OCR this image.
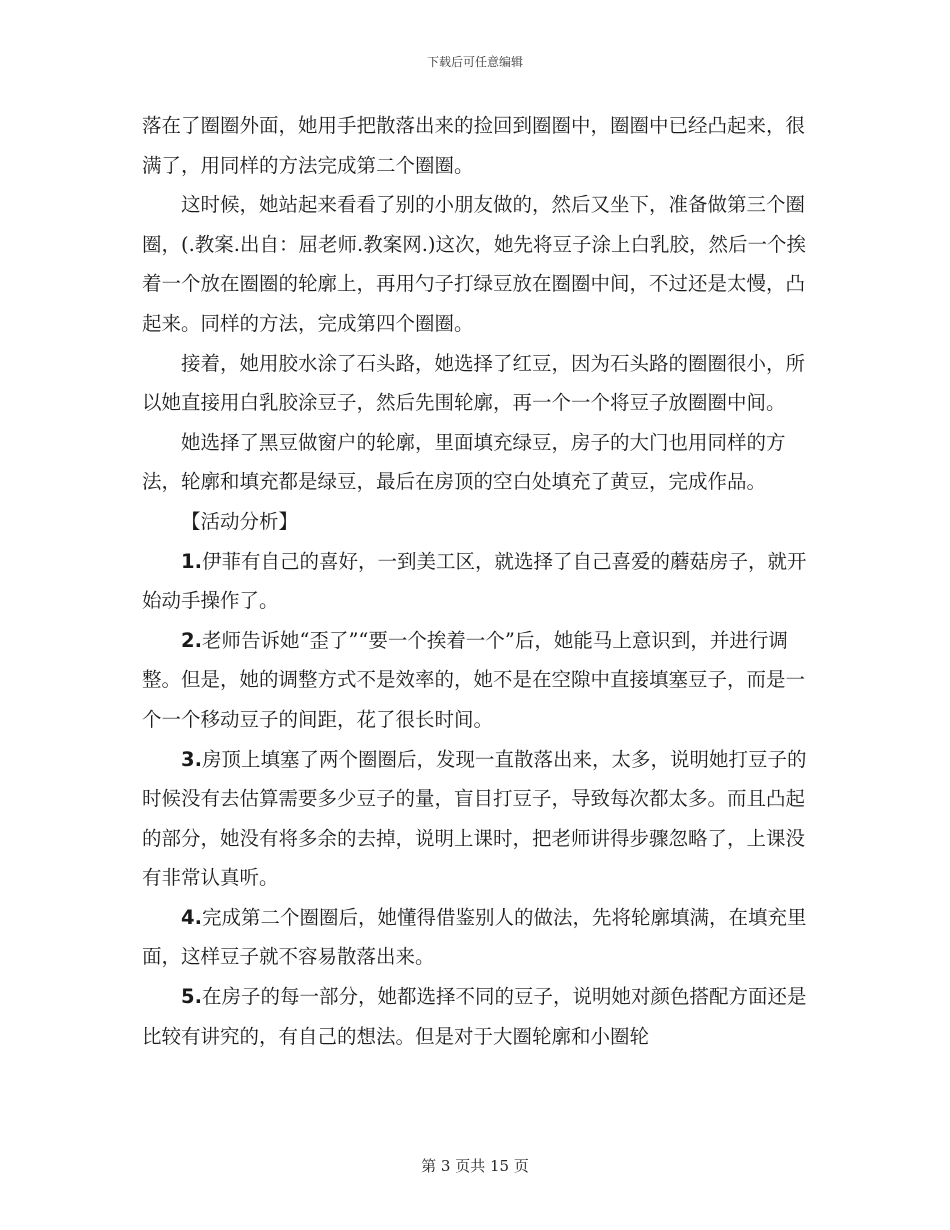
下载后可任意编辑

落在了圈圈外面，她用手把散落出来的捡回到圈圈中，圈圈中已经凸起来，很满了，用同样的方法完成第二个圈圈。

这时候，她站起来看看了别的小朋友做的，然后又坐下，准备做第三个圈圈，(.教案.出自：屈老师.教案网.)这次，她先将豆子涂上白乳胶，然后一个挨着一个放在圈圈的轮廓上，再用勺子打绿豆放在圈圈中间，不过还是太慢，凸起来。同样的方法，完成第四个圈圈。

接着，她用胶水涂了石头路，她选择了红豆，因为石头路的圈圈很小，所以她直接用白乳胶涂豆子，然后先围轮廓，再一个一个将豆子放圈圈中间。

她选择了黑豆做窗户的轮廓，里面填充绿豆，房子的大门也用同样的方法，轮廓和填充都是绿豆，最后在房顶的空白处填充了黄豆，完成作品。

【活动分析】

1.伊菲有自己的喜好，一到美工区，就选择了自己喜爱的蘑菇房子，就开始动手操作了。

2.老师告诉她“歪了”“要一个挨着一个”后，她能马上意识到，并进行调整。但是，她的调整方式不是效率的，她不是在空隙中直接填塞豆子，而是一个一个移动豆子的间距，花了很长时间。

3.房顶上填塞了两个圈圈后，发现一直散落出来，太多，说明她打豆子的时候没有去估算需要多少豆子的量，盲目打豆子，导致每次都太多。而且凸起的部分，她没有将多余的去掉，说明上课时，把老师讲得步骤忽略了，上课没有非常认真听。

4.完成第二个圈圈后，她懂得借鉴别人的做法，先将轮廓填满，在填充里面，这样豆子就不容易散落出来。

5.在房子的每一部分，她都选择不同的豆子，说明她对颜色搭配方面还是比较有讲究的，有自己的想法。但是对于大圈轮廓和小圈轮

第 3 页共 15 页
